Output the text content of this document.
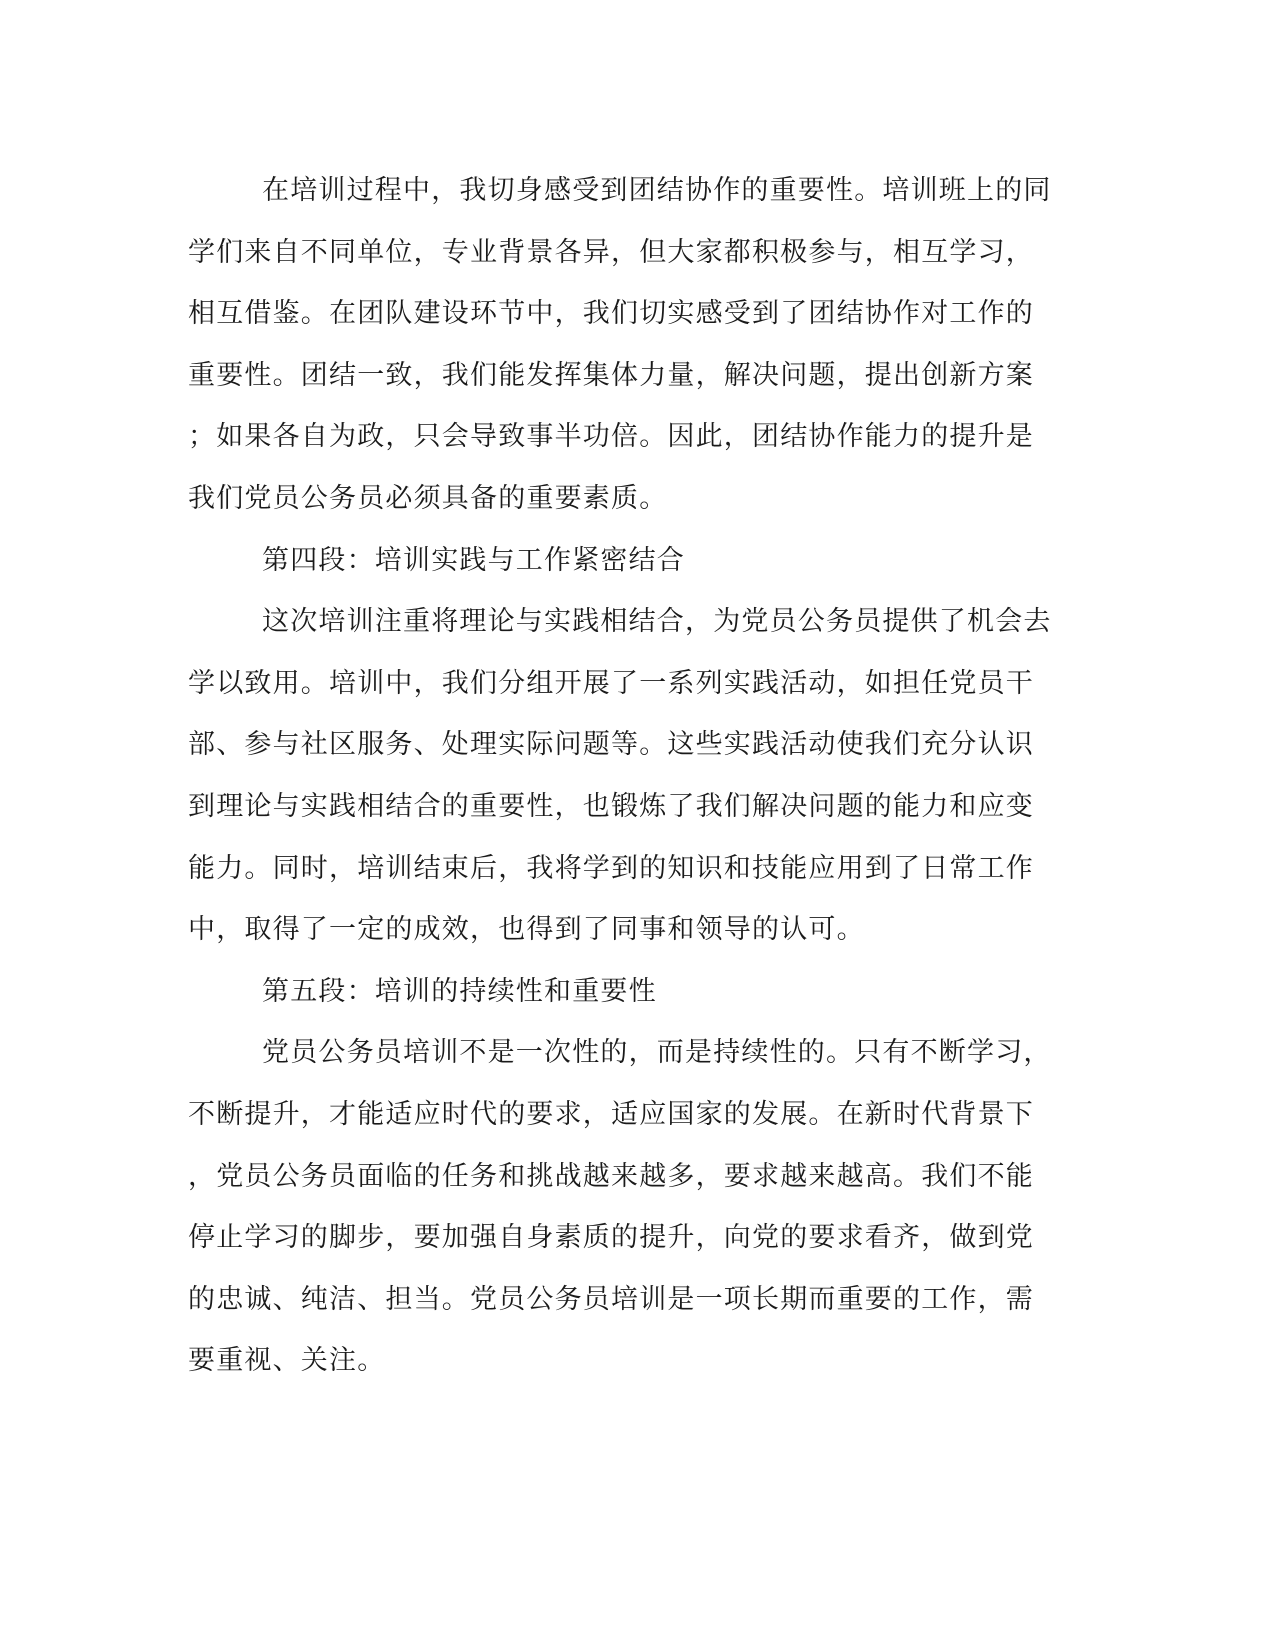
在培训过程中，我切身感受到团结协作的重要性。培训班上的同
学们来自不同单位，专业背景各异，但大家都积极参与，相互学习，
相互借鉴。在团队建设环节中，我们切实感受到了团结协作对工作的
重要性。团结一致，我们能发挥集体力量，解决问题，提出创新方案
；如果各自为政，只会导致事半功倍。因此，团结协作能力的提升是
我们党员公务员必须具备的重要素质。
第四段：培训实践与工作紧密结合
这次培训注重将理论与实践相结合，为党员公务员提供了机会去
学以致用。培训中，我们分组开展了一系列实践活动，如担任党员干
部、参与社区服务、处理实际问题等。这些实践活动使我们充分认识
到理论与实践相结合的重要性，也锻炼了我们解决问题的能力和应变
能力。同时，培训结束后，我将学到的知识和技能应用到了日常工作
中，取得了一定的成效，也得到了同事和领导的认可。
第五段：培训的持续性和重要性
党员公务员培训不是一次性的，而是持续性的。只有不断学习，
不断提升，才能适应时代的要求，适应国家的发展。在新时代背景下
，党员公务员面临的任务和挑战越来越多，要求越来越高。我们不能
停止学习的脚步，要加强自身素质的提升，向党的要求看齐，做到党
的忠诚、纯洁、担当。党员公务员培训是一项长期而重要的工作，需
要重视、关注。
